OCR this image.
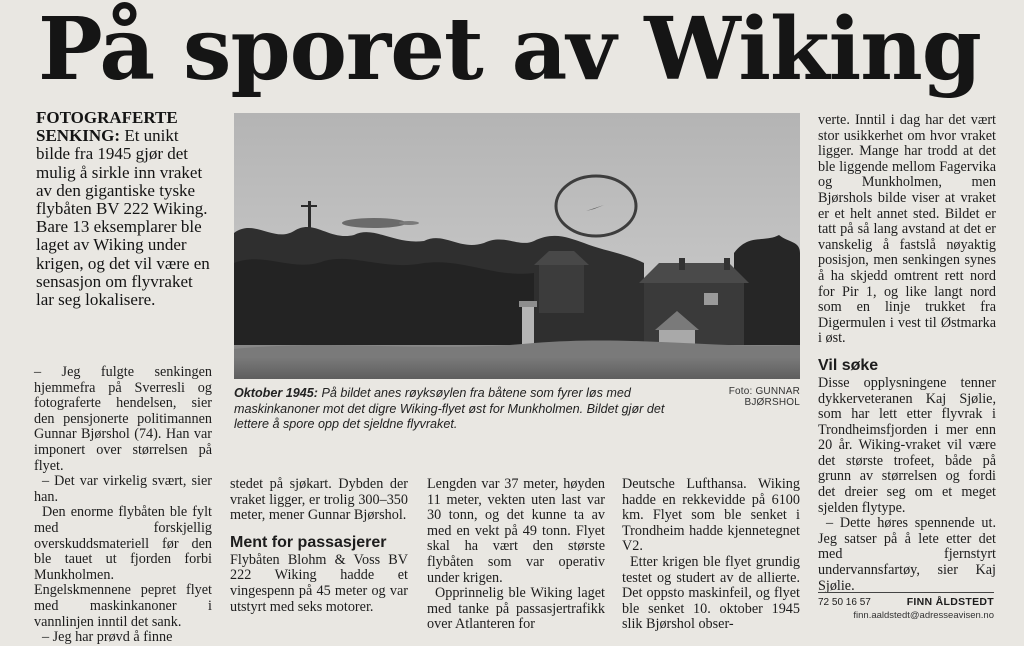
På sporet av Wiking

FOTOGRAFERTE SENKING: Et unikt bilde fra 1945 gjør det mulig å sirkle inn vraket av den gigantiske tyske flybåten BV 222 Wiking. Bare 13 eksemplarer ble laget av Wiking under krigen, og det vil være en sensasjon om flyvraket lar seg lokalisere.

– Jeg fulgte senkingen hjemmefra på Sverresli og fotograferte hendelsen, sier den pensjonerte politimannen Gunnar Bjørshol (74). Han var imponert over størrelsen på flyet.

– Det var virkelig svært, sier han.

Den enorme flybåten ble fylt med forskjellig overskuddsmateriell før den ble tauet ut fjorden forbi Munkholmen. Engelskmennene pepret flyet med maskinkanoner i vannlinjen inntil det sank.

– Jeg har prøvd å finne

Oktober 1945: På bildet anes røyksøylen fra båtene som fyrer løs med maskinkanoner mot det digre Wiking-flyet øst for Munkholmen. Bildet gjør det lettere å spore opp det sjeldne flyvraket.
Foto: GUNNAR BJØRSHOL

stedet på sjøkart. Dybden der vraket ligger, er trolig 300–350 meter, mener Gunnar Bjørshol.

Ment for passasjerer

Flybåten Blohm & Voss BV 222 Wiking hadde et vingespenn på 45 meter og var utstyrt med seks motorer.

Lengden var 37 meter, høyden 11 meter, vekten uten last var 30 tonn, og det kunne ta av med en vekt på 49 tonn. Flyet skal ha vært den største flybåten som var operativ under krigen.

Opprinnelig ble Wiking laget med tanke på passasjertrafikk over Atlanteren for

Deutsche Lufthansa. Wiking hadde en rekkevidde på 6100 km. Flyet som ble senket i Trondheim hadde kjennetegnet V2.

Etter krigen ble flyet grundig testet og studert av de allierte. Det oppsto maskinfeil, og flyet ble senket 10. oktober 1945 slik Bjørshol obser-

verte. Inntil i dag har det vært stor usikkerhet om hvor vraket ligger. Mange har trodd at det ble liggende mellom Fagervika og Munkholmen, men Bjørshols bilde viser at vraket er et helt annet sted. Bildet er tatt på så lang avstand at det er vanskelig å fastslå nøyaktig posisjon, men senkingen synes å ha skjedd omtrent rett nord for Pir 1, og like langt nord som en linje trukket fra Digermulen i vest til Østmarka i øst.

Vil søke

Disse opplysningene tenner dykkerveteranen Kaj Sjølie, som har lett etter flyvrak i Trondheimsfjorden i mer enn 20 år. Wiking-vraket vil være det største trofeet, både på grunn av størrelsen og fordi det dreier seg om et meget sjelden flytype.

– Dette høres spennende ut. Jeg satser på å lete etter det med fjernstyrt undervannsfartøy, sier Kaj Sjølie.

72 50 16 57	FINN ÅLDSTEDT
finn.aaldstedt@adresseavisen.no
